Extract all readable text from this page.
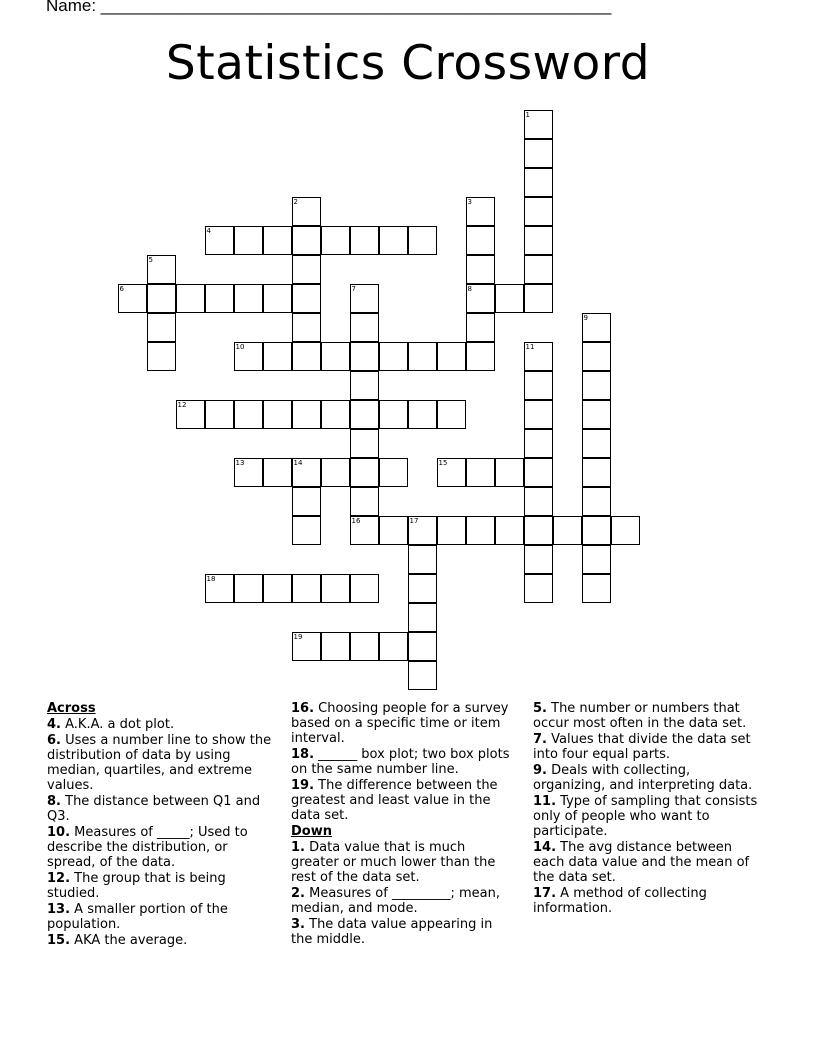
Name: ______________________________________________________
Statistics Crossword
1
2	3
4
5
6	7	8
9
10	11
12
13	14	15
16	17
18
19
Across
4. A.K.A. a dot plot.
6. Uses a number line to show the distribution of data by using median, quartiles, and extreme values.
8. The distance between Q1 and Q3.
10. Measures of _____; Used to describe the distribution, or spread, of the data.
12. The group that is being studied.
13. A smaller portion of the population.
15. AKA the average.
16. Choosing people for a survey based on a specific time or item interval.
18. ______ box plot; two box plots on the same number line.
19. The difference between the greatest and least value in the data set.
Down
1. Data value that is much greater or much lower than the rest of the data set.
2. Measures of _________; mean, median, and mode.
3. The data value appearing in the middle.
5. The number or numbers that occur most often in the data set.
7. Values that divide the data set into four equal parts.
9. Deals with collecting, organizing, and interpreting data.
11. Type of sampling that consists only of people who want to participate.
14. The avg distance between each data value and the mean of the data set.
17. A method of collecting information.
